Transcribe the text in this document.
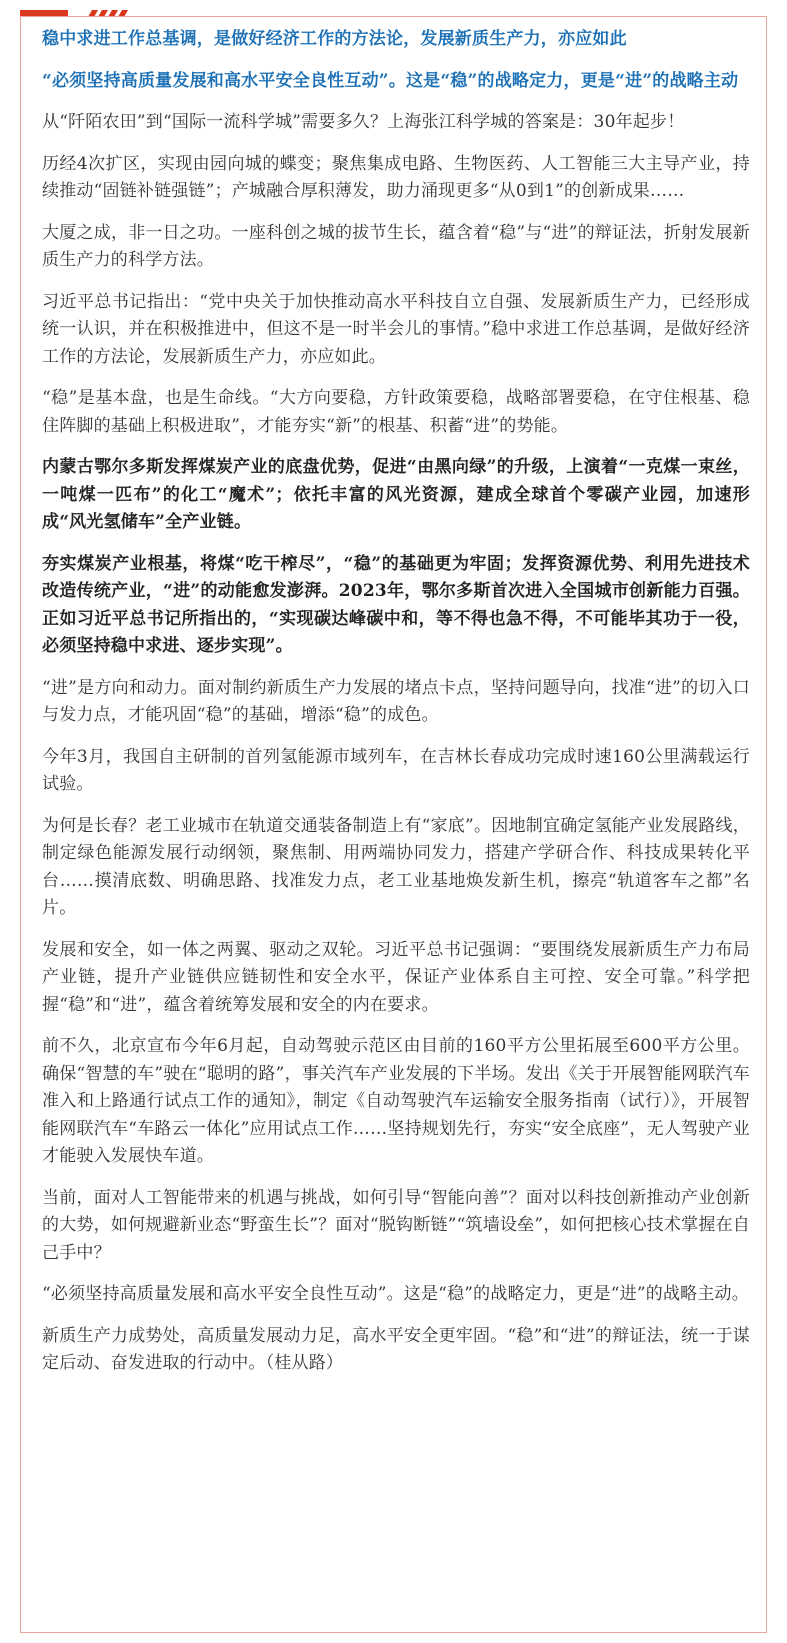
稳中求进工作总基调，是做好经济工作的方法论，发展新质生产力，亦应如此

“必须坚持高质量发展和高水平安全良性互动”。这是“稳”的战略定力，更是“进”的战略主动

从“阡陌农田”到“国际一流科学城”需要多久？上海张江科学城的答案是：30年起步！

历经4次扩区，实现由园向城的蝶变；聚焦集成电路、生物医药、人工智能三大主导产业，持续推动“固链补链强链”；产城融合厚积薄发，助力涌现更多“从0到1”的创新成果……

大厦之成，非一日之功。一座科创之城的拔节生长，蕴含着“稳”与“进”的辩证法，折射发展新质生产力的科学方法。

习近平总书记指出：“党中央关于加快推动高水平科技自立自强、发展新质生产力，已经形成统一认识，并在积极推进中，但这不是一时半会儿的事情。”稳中求进工作总基调，是做好经济工作的方法论，发展新质生产力，亦应如此。

“稳”是基本盘，也是生命线。“大方向要稳，方针政策要稳，战略部署要稳，在守住根基、稳住阵脚的基础上积极进取”，才能夯实“新”的根基、积蓄“进”的势能。

内蒙古鄂尔多斯发挥煤炭产业的底盘优势，促进“由黑向绿”的升级，上演着“一克煤一束丝，一吨煤一匹布”的化工“魔术”；依托丰富的风光资源，建成全球首个零碳产业园，加速形成“风光氢储车”全产业链。

夯实煤炭产业根基，将煤“吃干榨尽”，“稳”的基础更为牢固；发挥资源优势、利用先进技术改造传统产业，“进”的动能愈发澎湃。2023年，鄂尔多斯首次进入全国城市创新能力百强。正如习近平总书记所指出的，“实现碳达峰碳中和，等不得也急不得，不可能毕其功于一役，必须坚持稳中求进、逐步实现”。

“进”是方向和动力。面对制约新质生产力发展的堵点卡点，坚持问题导向，找准“进”的切入口与发力点，才能巩固“稳”的基础，增添“稳”的成色。

今年3月，我国自主研制的首列氢能源市域列车，在吉林长春成功完成时速160公里满载运行试验。

为何是长春？老工业城市在轨道交通装备制造上有“家底”。因地制宜确定氢能产业发展路线，制定绿色能源发展行动纲领，聚焦制、用两端协同发力，搭建产学研合作、科技成果转化平台……摸清底数、明确思路、找准发力点，老工业基地焕发新生机，擦亮“轨道客车之都”名片。

发展和安全，如一体之两翼、驱动之双轮。习近平总书记强调：“要围绕发展新质生产力布局产业链，提升产业链供应链韧性和安全水平，保证产业体系自主可控、安全可靠。”科学把握“稳”和“进”，蕴含着统筹发展和安全的内在要求。

前不久，北京宣布今年6月起，自动驾驶示范区由目前的160平方公里拓展至600平方公里。确保“智慧的车”驶在“聪明的路”，事关汽车产业发展的下半场。发出《关于开展智能网联汽车准入和上路通行试点工作的通知》，制定《自动驾驶汽车运输安全服务指南（试行）》，开展智能网联汽车“车路云一体化”应用试点工作……坚持规划先行，夯实“安全底座”，无人驾驶产业才能驶入发展快车道。

当前，面对人工智能带来的机遇与挑战，如何引导“智能向善”？面对以科技创新推动产业创新的大势，如何规避新业态“野蛮生长”？面对“脱钩断链”“筑墙设垒”，如何把核心技术掌握在自己手中？

“必须坚持高质量发展和高水平安全良性互动”。这是“稳”的战略定力，更是“进”的战略主动。

新质生产力成势处，高质量发展动力足，高水平安全更牢固。“稳”和“进”的辩证法，统一于谋定后动、奋发进取的行动中。（桂从路）
